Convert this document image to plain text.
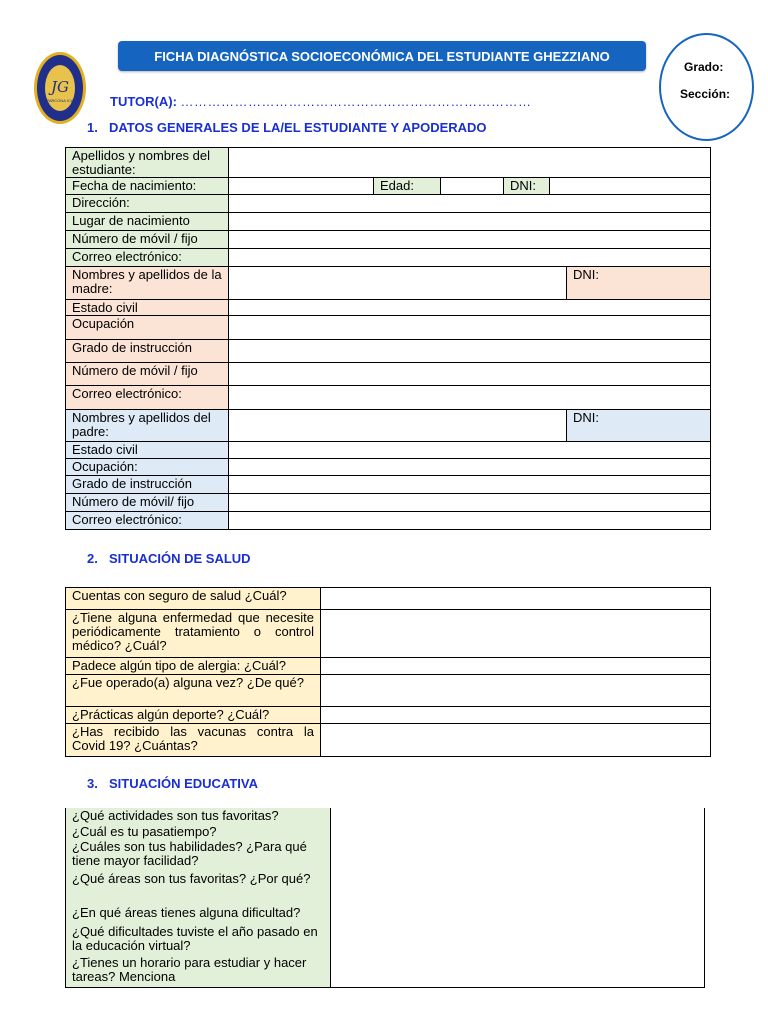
JG
PARCONA ICA
FICHA DIAGNÓSTICA SOCIOECONÓMICA DEL ESTUDIANTE GHEZZIANO
TUTOR(A): ……………………………………………………………………
Grado:
Sección:
1. DATOS GENERALES DE LA/EL ESTUDIANTE Y APODERADO
Apellidos y nombres del estudiante:
Fecha de nacimiento:	Edad:	DNI:
Dirección:
Lugar de nacimiento
Número de móvil / fijo
Correo electrónico:
Nombres y apellidos de la madre:
DNI:
Estado civil
Ocupación
Grado de instrucción
Número de móvil / fijo
Correo electrónico:
Nombres y apellidos del padre:
DNI:
Estado civil
Ocupación:
Grado de instrucción
Número de móvil/ fijo
Correo electrónico:
2. SITUACIÓN DE SALUD
Cuentas con seguro de salud ¿Cuál?
¿Tiene alguna enfermedad que necesite periódicamente tratamiento o control médico? ¿Cuál?
Padece algún tipo de alergia: ¿Cuál?
¿Fue operado(a) alguna vez? ¿De qué?
¿Prácticas algún deporte? ¿Cuál?
¿Has recibido las vacunas contra la Covid 19? ¿Cuántas?
3. SITUACIÓN EDUCATIVA
¿Qué actividades son tus favoritas?
¿Cuál es tu pasatiempo?
¿Cuáles son tus habilidades? ¿Para qué tiene mayor facilidad?
¿Qué áreas son tus favoritas? ¿Por qué?
¿En qué áreas tienes alguna dificultad?
¿Qué dificultades tuviste el año pasado en la educación virtual?
¿Tienes un horario para estudiar y hacer tareas? Menciona
